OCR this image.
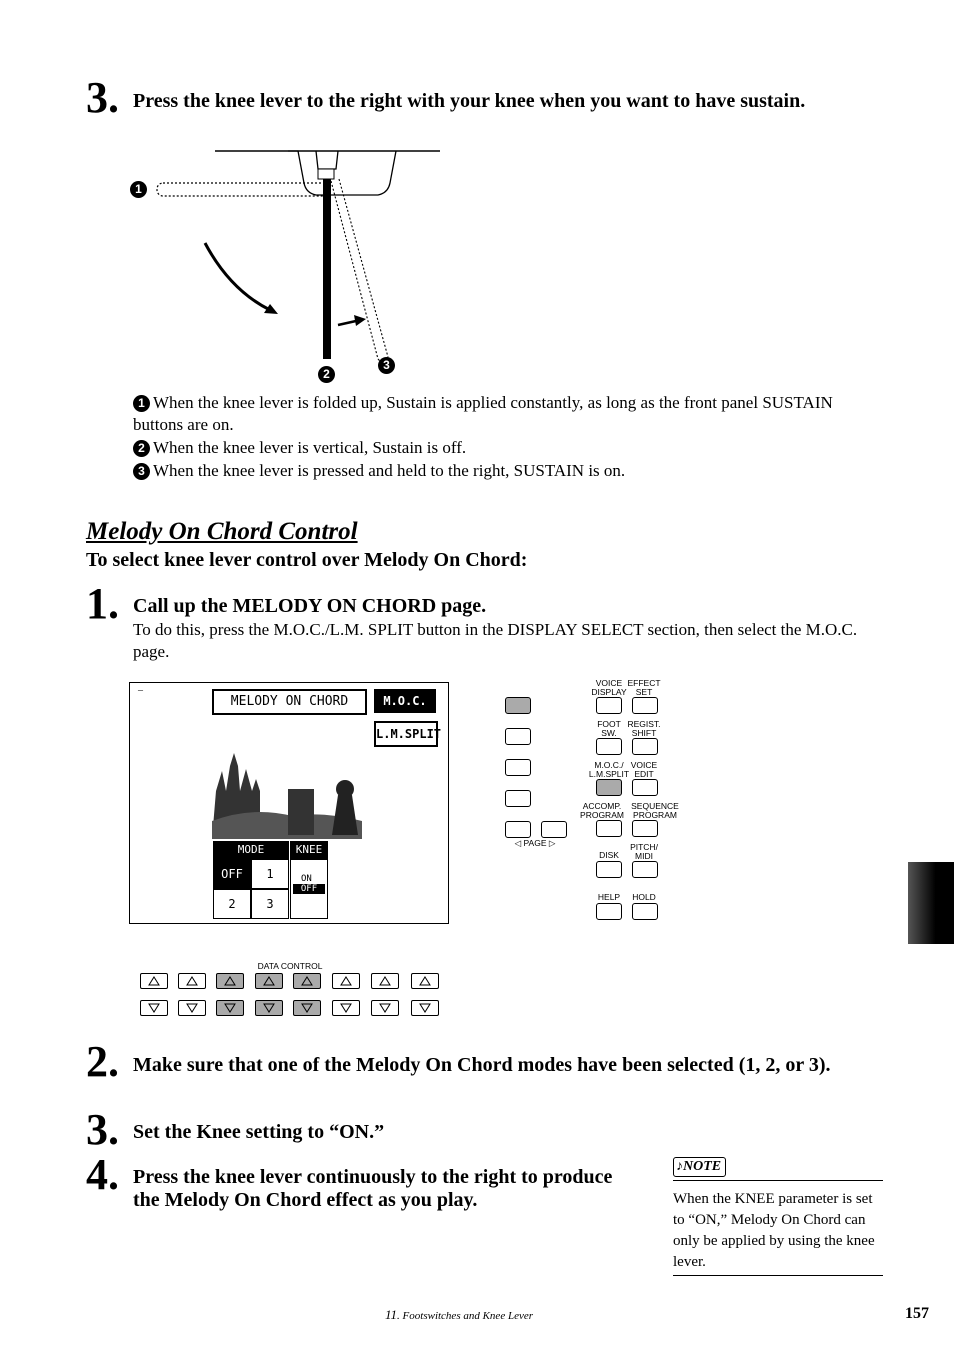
3. Press the knee lever to the right with your knee when you want to have sustain.
1
2
3
1 When the knee lever is folded up, Sustain is applied constantly, as long as the front panel SUSTAIN buttons are on.
2 When the knee lever is vertical, Sustain is off.
3 When the knee lever is pressed and held to the right, SUSTAIN is on.
Melody On Chord Control
To select knee lever control over Melody On Chord:
1. Call up the MELODY ON CHORD page.
To do this, press the M.O.C./L.M. SPLIT button in the DISPLAY SELECT section, then select the M.O.C. page.
–
MELODY ON CHORD	M.O.C.
L.M.SPLIT
MODE	KNEE
OFF	1
2	3
ON
OFF
◁ PAGE ▷
VOICE
DISPLAY
EFFECT
SET
FOOT
SW.
REGIST.
SHIFT
M.O.C./
L.M.SPLIT
VOICE
EDIT
ACCOMP.
PROGRAM
SEQUENCE
PROGRAM
DISK
PITCH/
MIDI
HELP	HOLD
DATA CONTROL
2. Make sure that one of the Melody On Chord modes have been selected (1, 2, or 3).
3. Set the Knee setting to “ON.”
4. Press the knee lever continuously to the right to produce the Melody On Chord effect as you play.
♪NOTE
When the KNEE parameter is set to “ON,” Melody On Chord can only be applied by using the knee lever.
11. Footswitches and Knee Lever	157
